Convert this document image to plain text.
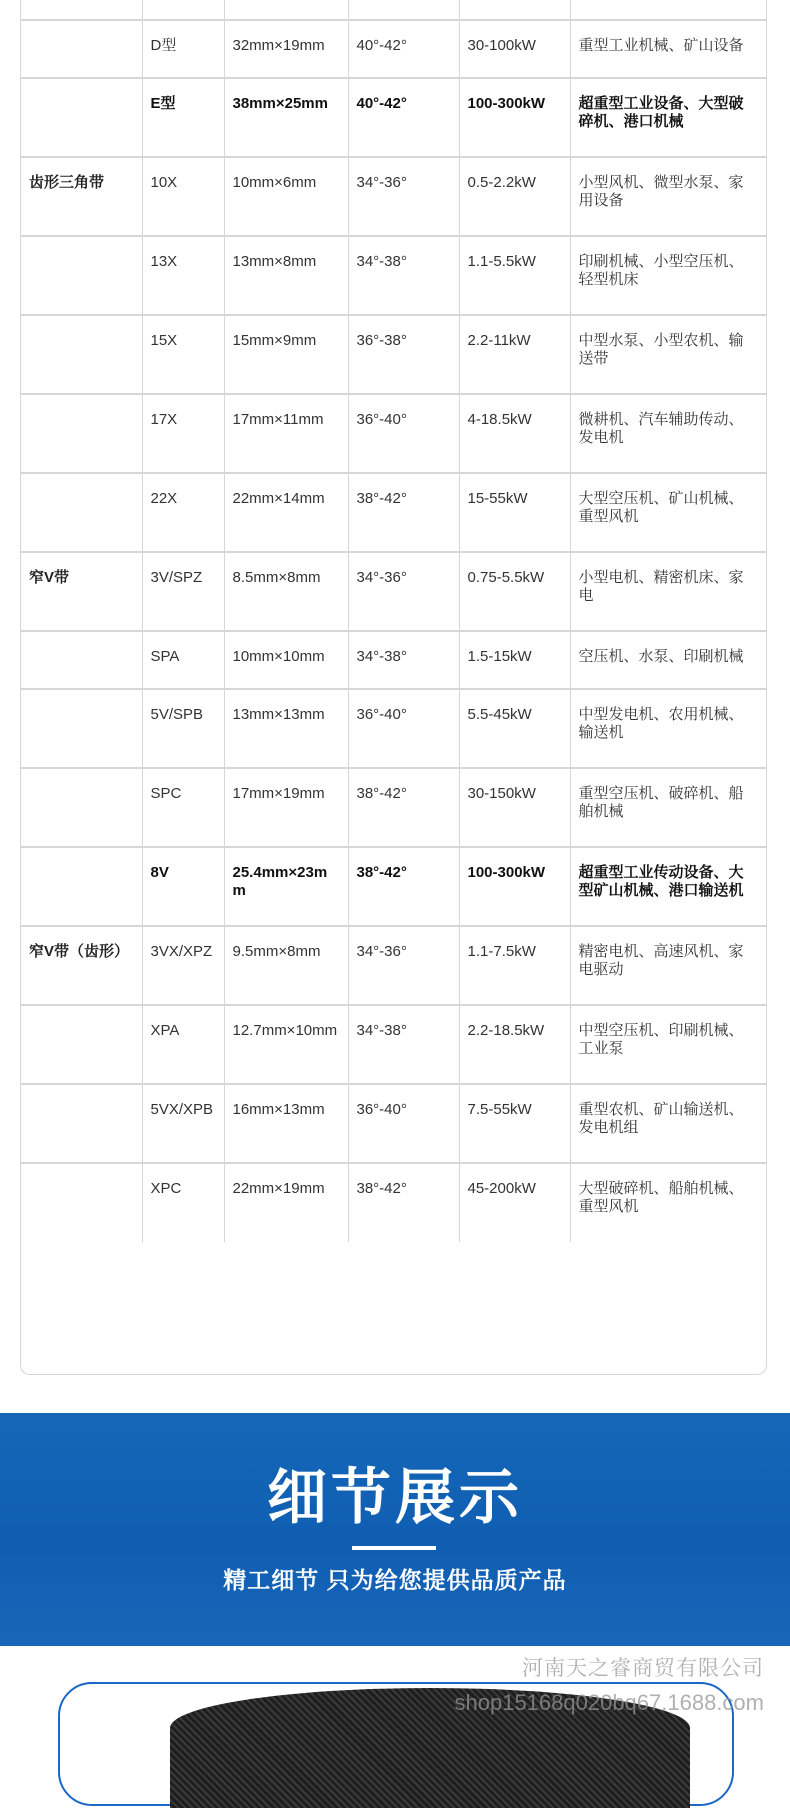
	D型	32mm×19mm	40°-42°	30-100kW	重型工业机械、矿山设备
	E型	38mm×25mm	40°-42°	100-300kW	超重型工业设备、大型破碎机、港口机械
齿形三角带	10X	10mm×6mm	34°-36°	0.5-2.2kW	小型风机、微型水泵、家用设备
	13X	13mm×8mm	34°-38°	1.1-5.5kW	印刷机械、小型空压机、轻型机床
	15X	15mm×9mm	36°-38°	2.2-11kW	中型水泵、小型农机、输送带
	17X	17mm×11mm	36°-40°	4-18.5kW	微耕机、汽车辅助传动、发电机
	22X	22mm×14mm	38°-42°	15-55kW	大型空压机、矿山机械、重型风机
窄V带	3V/SPZ	8.5mm×8mm	34°-36°	0.75-5.5kW	小型电机、精密机床、家电
	SPA	10mm×10mm	34°-38°	1.5-15kW	空压机、水泵、印刷机械
	5V/SPB	13mm×13mm	36°-40°	5.5-45kW	中型发电机、农用机械、输送机
	SPC	17mm×19mm	38°-42°	30-150kW	重型空压机、破碎机、船舶机械
	8V	25.4mm×23mm	38°-42°	100-300kW	超重型工业传动设备、大型矿山机械、港口输送机
窄V带（齿形）	3VX/XPZ	9.5mm×8mm	34°-36°	1.1-7.5kW	精密电机、高速风机、家电驱动
	XPA	12.7mm×10mm	34°-38°	2.2-18.5kW	中型空压机、印刷机械、工业泵
	5VX/XPB	16mm×13mm	36°-40°	7.5-55kW	重型农机、矿山输送机、发电机组
	XPC	22mm×19mm	38°-42°	45-200kW	大型破碎机、船舶机械、重型风机
细节展示
精工细节 只为给您提供品质产品
河南天之睿商贸有限公司
shop15168q020bq67.1688.com
